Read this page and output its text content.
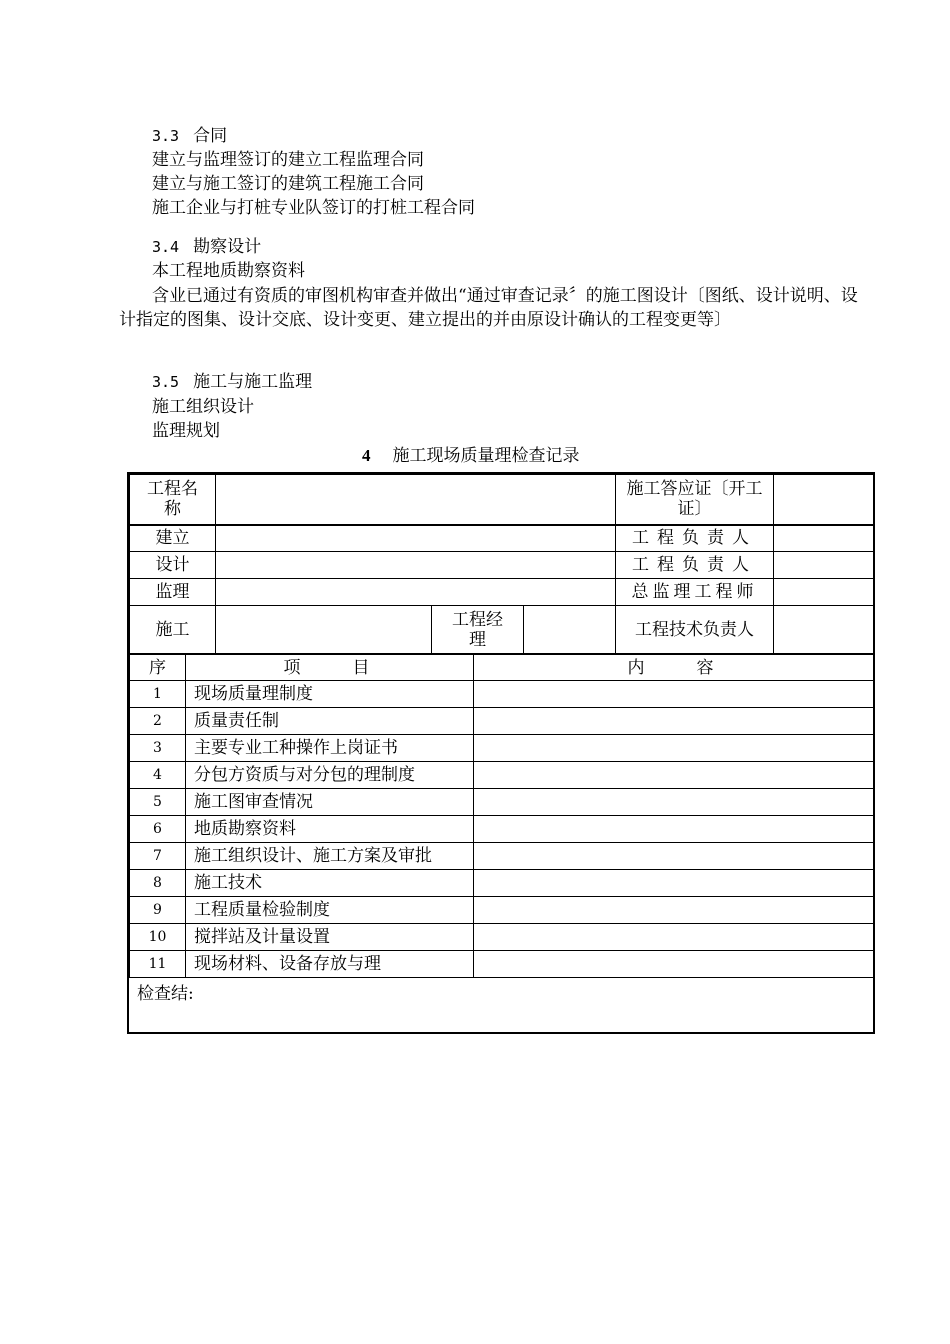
3.3 合同
建立与监理签订的建立工程监理合同
建立与施工签订的建筑工程施工合同
施工企业与打桩专业队签订的打桩工程合同
3.4 勘察设计
本工程地质勘察资料
含业已通过有资质的审图机构审查并做出“通过审查记录〞的施工图设计〔图纸、设计说明、设计指定的图集、设计交底、设计变更、建立提出的并由原设计确认的工程变更等〕
3.5 施工与施工监理
施工组织设计
监理规划
4 施工现场质量理检查记录
工程名称				施工答应证〔开工证〕	
建立				工程负责人	
设计				工程负责人	
监理				总监理工程师	
施工		工程经理		工程技术负责人	
序	项　　目	内　　容
1	现场质量理制度	
2	质量责任制	
3	主要专业工种操作上岗证书	
4	分包方资质与对分包的理制度	
5	施工图审查情况	
6	地质勘察资料	
7	施工组织设计、施工方案及审批	
8	施工技术	
9	工程质量检验制度	
10	搅拌站及计量设置	
11	现场材料、设备存放与理	
检查结:
